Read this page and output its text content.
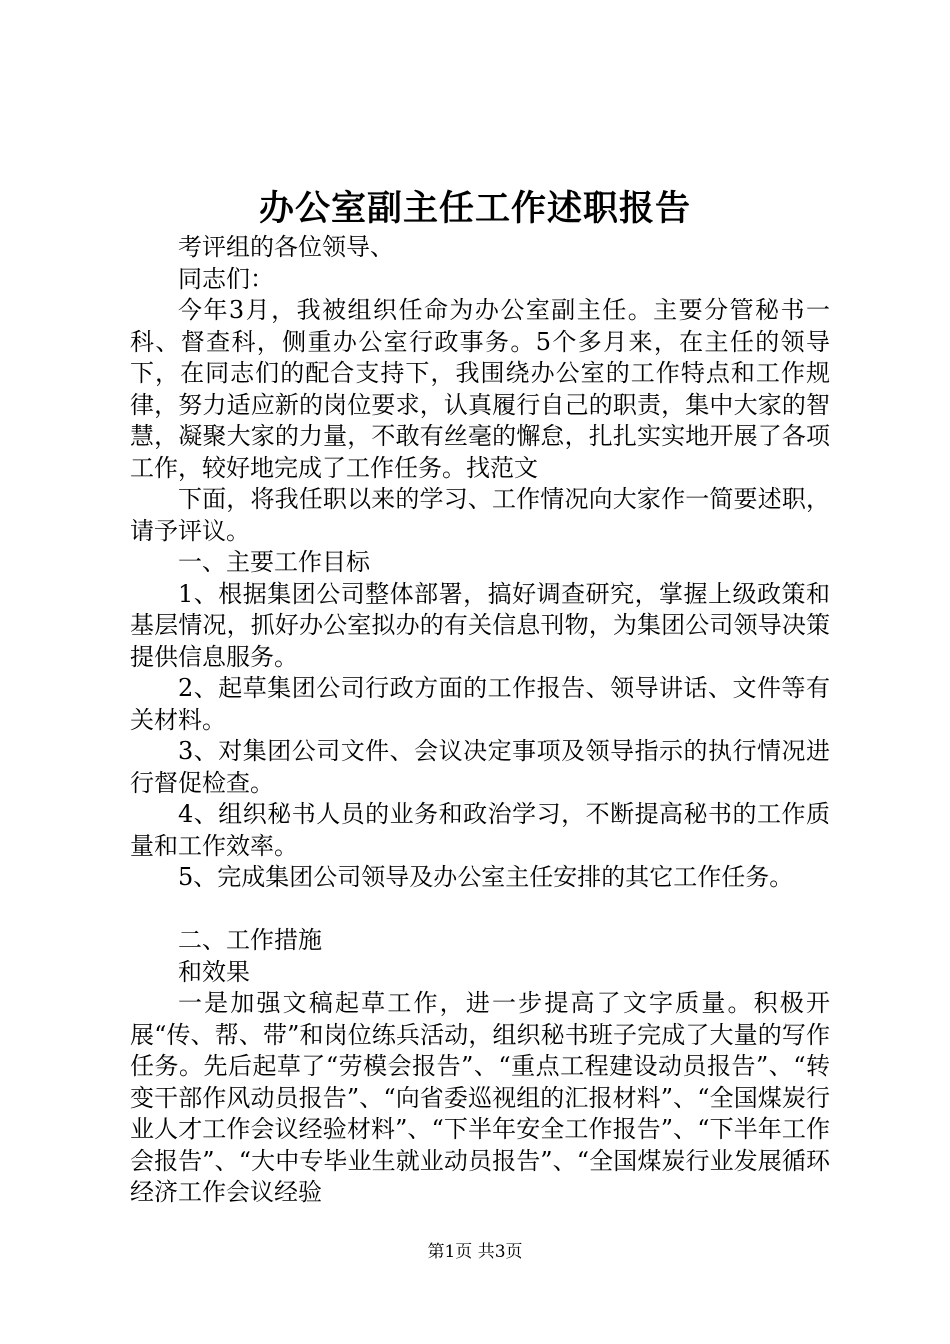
办公室副主任工作述职报告

考评组的各位领导、

同志们：

今年3月，我被组织任命为办公室副主任。主要分管秘书一科、督查科，侧重办公室行政事务。5个多月来，在主任的领导下，在同志们的配合支持下，我围绕办公室的工作特点和工作规律，努力适应新的岗位要求，认真履行自己的职责，集中大家的智慧，凝聚大家的力量，不敢有丝毫的懈怠，扎扎实实地开展了各项工作，较好地完成了工作任务。找范文

下面，将我任职以来的学习、工作情况向大家作一简要述职，请予评议。

一、主要工作目标

1、根据集团公司整体部署，搞好调查研究，掌握上级政策和基层情况，抓好办公室拟办的有关信息刊物，为集团公司领导决策提供信息服务。

2、起草集团公司行政方面的工作报告、领导讲话、文件等有关材料。

3、对集团公司文件、会议决定事项及领导指示的执行情况进行督促检查。

4、组织秘书人员的业务和政治学习，不断提高秘书的工作质量和工作效率。

5、完成集团公司领导及办公室主任安排的其它工作任务。

二、工作措施

和效果

一是加强文稿起草工作，进一步提高了文字质量。积极开展“传、帮、带”和岗位练兵活动，组织秘书班子完成了大量的写作任务。先后起草了“劳模会报告”、“重点工程建设动员报告”、“转变干部作风动员报告”、“向省委巡视组的汇报材料”、“全国煤炭行业人才工作会议经验材料”、“下半年安全工作报告”、“下半年工作会报告”、“大中专毕业生就业动员报告”、“全国煤炭行业发展循环经济工作会议经验

第1页 共3页
